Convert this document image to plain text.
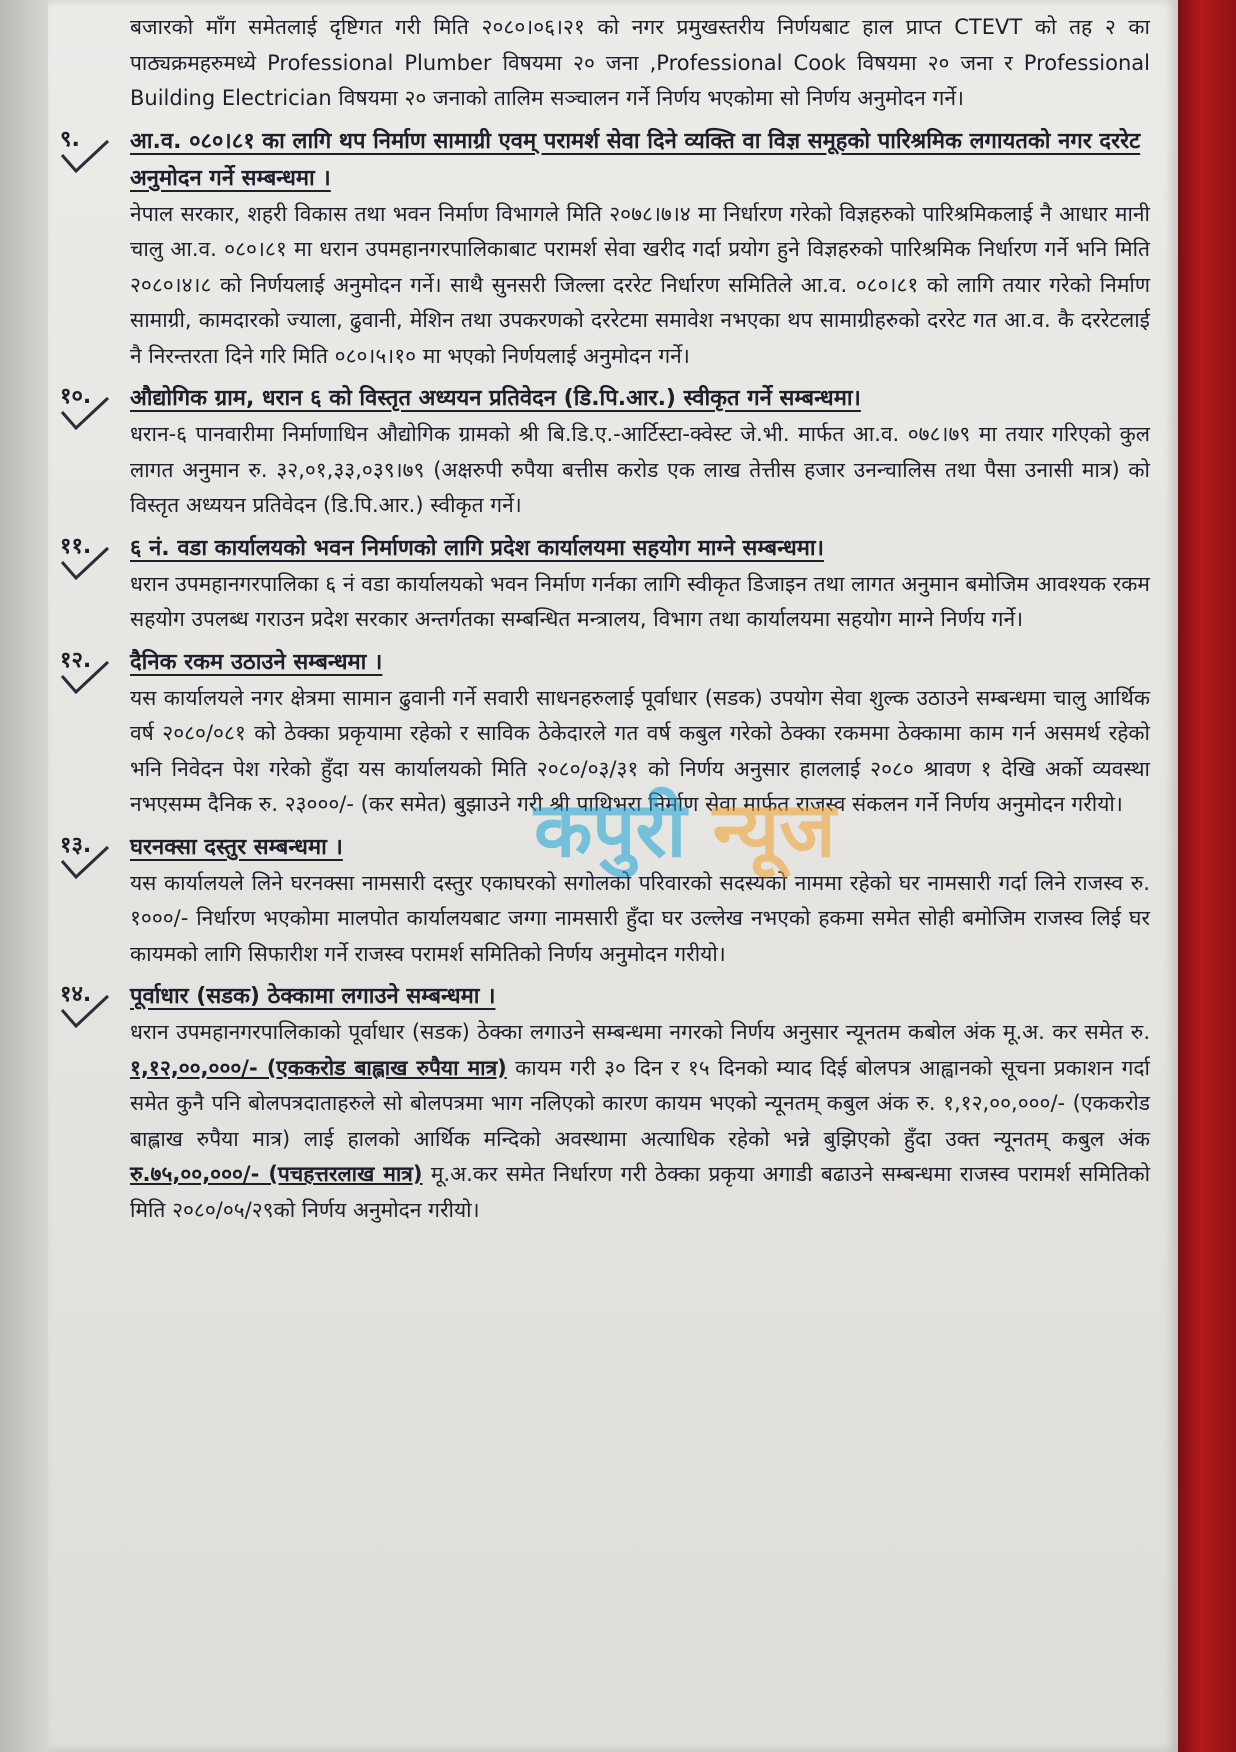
बजारको माँग समेतलाई दृष्टिगत गरी मिति २०८०।०६।२१ को नगर प्रमुखस्तरीय निर्णयबाट हाल प्राप्त CTEVT को तह २ का पाठ्यक्रमहरुमध्ये Professional Plumber विषयमा २० जना ,Professional Cook विषयमा २० जना र Professional Building Electrician विषयमा २० जनाको तालिम सञ्चालन गर्ने निर्णय भएकोमा सो निर्णय अनुमोदन गर्ने।

९.	आ.व. ०८०।८१ का लागि थप निर्माण सामाग्री एवम् परामर्श सेवा दिने व्यक्ति वा विज्ञ समूहको पारिश्रमिक लगायतको नगर दररेट अनुमोदन गर्ने सम्बन्धमा ।

नेपाल सरकार, शहरी विकास तथा भवन निर्माण विभागले मिति २०७८।७।४ मा निर्धारण गरेको विज्ञहरुको पारिश्रमिकलाई नै आधार मानी चालु आ.व. ०८०।८१ मा धरान उपमहानगरपालिकाबाट परामर्श सेवा खरीद गर्दा प्रयोग हुने विज्ञहरुको पारिश्रमिक निर्धारण गर्ने भनि मिति २०८०।४।८ को निर्णयलाई अनुमोदन गर्ने। साथै सुनसरी जिल्ला दररेट निर्धारण समितिले आ.व. ०८०।८१ को लागि तयार गरेको निर्माण सामाग्री, कामदारको ज्याला, ढुवानी, मेशिन तथा उपकरणको दररेटमा समावेश नभएका थप सामाग्रीहरुको दररेट गत आ.व. कै दररेटलाई नै निरन्तरता दिने गरि मिति ०८०।५।१० मा भएको निर्णयलाई अनुमोदन गर्ने।

१०.	औद्योगिक ग्राम, धरान ६ को विस्तृत अध्ययन प्रतिवेदन (डि.पि.आर.) स्वीकृत गर्ने सम्बन्धमा।

धरान-६ पानवारीमा निर्माणाधिन औद्योगिक ग्रामको श्री बि.डि.ए.-आर्टिस्टा-क्वेस्ट जे.भी. मार्फत आ.व. ०७८।७९ मा तयार गरिएको कुल लागत अनुमान रु. ३२,०१,३३,०३९।७९ (अक्षरुपी रुपैया बत्तीस करोड एक लाख तेत्तीस हजार उनन्चालिस तथा पैसा उनासी मात्र) को विस्तृत अध्ययन प्रतिवेदन (डि.पि.आर.) स्वीकृत गर्ने।

११.	६ नं. वडा कार्यालयको भवन निर्माणको लागि प्रदेश कार्यालयमा सहयोग माग्ने सम्बन्धमा।

धरान उपमहानगरपालिका ६ नं वडा कार्यालयको भवन निर्माण गर्नका लागि स्वीकृत डिजाइन तथा लागत अनुमान बमोजिम आवश्यक रकम सहयोग उपलब्ध गराउन प्रदेश सरकार अन्तर्गतका सम्बन्धित मन्त्रालय, विभाग तथा कार्यालयमा सहयोग माग्ने निर्णय गर्ने।

१२.	दैनिक रकम उठाउने सम्बन्धमा ।

यस कार्यालयले नगर क्षेत्रमा सामान ढुवानी गर्ने सवारी साधनहरुलाई पूर्वाधार (सडक) उपयोग सेवा शुल्क उठाउने सम्बन्धमा चालु आर्थिक वर्ष २०८०/०८१ को ठेक्का प्रकृयामा रहेको र साविक ठेकेदारले गत वर्ष कबुल गरेको ठेक्का रकममा ठेक्कामा काम गर्न असमर्थ रहेको भनि निवेदन पेश गरेको हुँदा यस कार्यालयको मिति २०८०/०३/३१ को निर्णय अनुसार हाललाई २०८० श्रावण १ देखि अर्को व्यवस्था नभएसम्म दैनिक रु. २३०००/- (कर समेत) बुझाउने गरी श्री पाथिभरा निर्माण सेवा मार्फत राजस्व संकलन गर्ने निर्णय अनुमोदन गरीयो।

१३.	घरनक्सा दस्तुर सम्बन्धमा ।

यस कार्यालयले लिने घरनक्सा नामसारी दस्तुर एकाघरको सगोलको परिवारको सदस्यको नाममा रहेको घर नामसारी गर्दा लिने राजस्व रु. १०००/- निर्धारण भएकोमा मालपोत कार्यालयबाट जग्गा नामसारी हुँदा घर उल्लेख नभएको हकमा समेत सोही बमोजिम राजस्व लिई घर कायमको लागि सिफारीश गर्ने राजस्व परामर्श समितिको निर्णय अनुमोदन गरीयो।

१४.	पूर्वाधार (सडक) ठेक्कामा लगाउने सम्बन्धमा ।

धरान उपमहानगरपालिकाको पूर्वाधार (सडक) ठेक्का लगाउने सम्बन्धमा नगरको निर्णय अनुसार न्यूनतम कबोल अंक मू.अ. कर समेत रु. १,१२,००,०००/- (एककरोड बाह्लाख रुपैया मात्र) कायम गरी ३० दिन र १५ दिनको म्याद दिई बोलपत्र आह्वानको सूचना प्रकाशन गर्दा समेत कुनै पनि बोलपत्रदाताहरुले सो बोलपत्रमा भाग नलिएको कारण कायम भएको न्यूनतम् कबुल अंक रु. १,१२,००,०००/- (एककरोड बाह्लाख रुपैया मात्र) लाई हालको आर्थिक मन्दिको अवस्थामा अत्याधिक रहेको भन्ने बुझिएको हुँदा उक्त न्यूनतम् कबुल अंक रु.७५,००,०००/- (पचहत्तरलाख मात्र) मू.अ.कर समेत निर्धारण गरी ठेक्का प्रकृया अगाडी बढाउने सम्बन्धमा राजस्व परामर्श समितिको मिति २०८०/०५/२९को निर्णय अनुमोदन गरीयो।

कपुरी न्यूज
